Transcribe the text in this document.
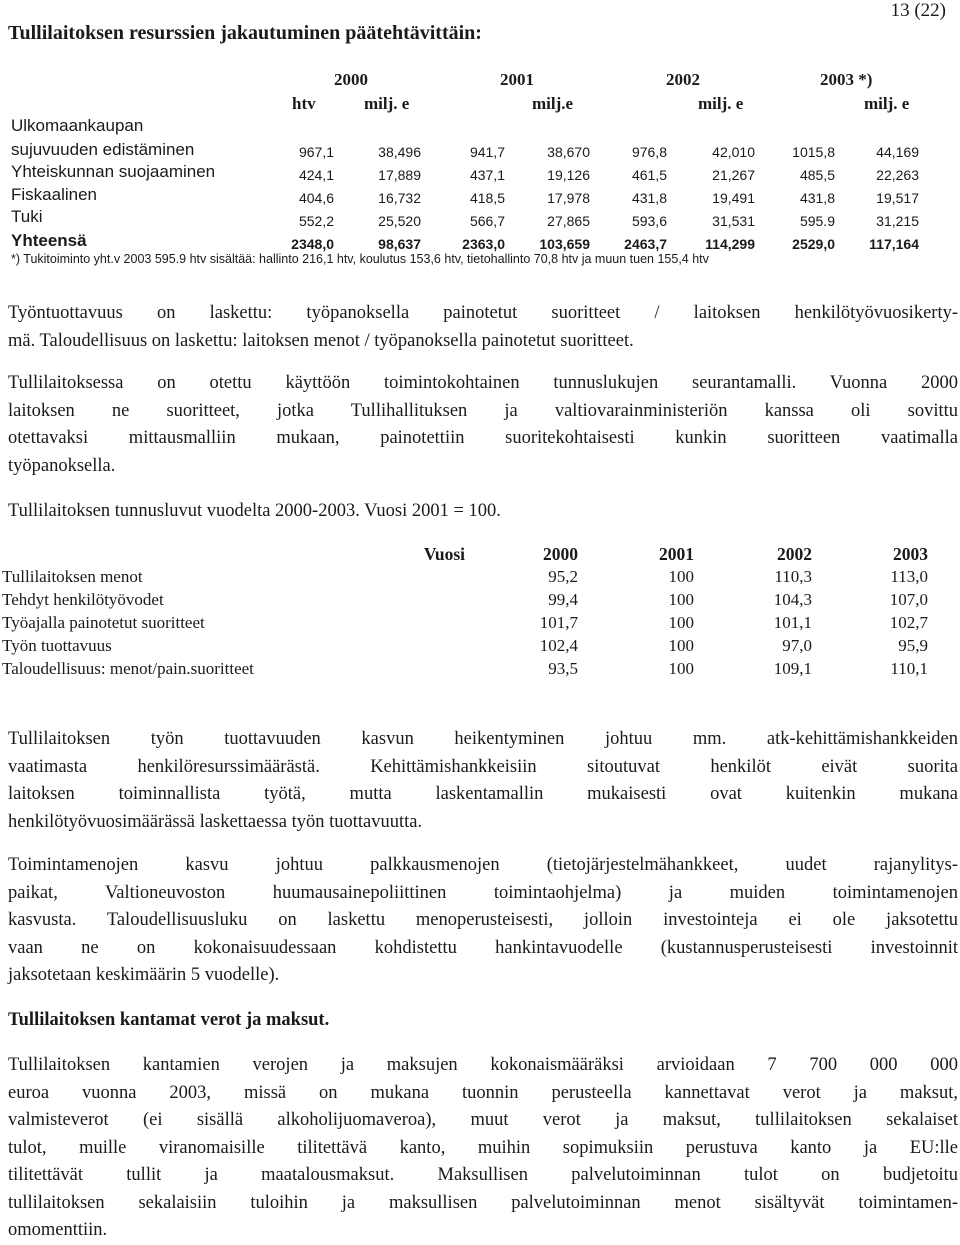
13 (22)
Tullilaitoksen resurssien jakautuminen päätehtävittäin:
2000	2001	2002	2003 *)
htv	milj. e	milj.e	milj. e	milj. e
Ulkomaankaupan
sujuvuuden edistäminen	967,1	38,496	941,7	38,670	976,8	42,010	1015,8	44,169
Yhteiskunnan suojaaminen	424,1	17,889	437,1	19,126	461,5	21,267	485,5	22,263
Fiskaalinen	404,6	16,732	418,5	17,978	431,8	19,491	431,8	19,517
Tuki	552,2	25,520	566,7	27,865	593,6	31,531	595.9	31,215
Yhteensä	2348,0	98,637	2363,0	103,659	2463,7	114,299	2529,0	117,164
*) Tukitoiminto yht.v 2003 595.9 htv sisältää: hallinto 216,1 htv, koulutus 153,6 htv, tietohallinto 70,8 htv ja muun tuen 155,4 htv
Työntuottavuus on laskettu: työpanoksella painotetut suoritteet / laitoksen henkilötyövuosikerty-
mä. Taloudellisuus on laskettu: laitoksen menot / työpanoksella painotetut suoritteet.
Tullilaitoksessa on otettu käyttöön toimintokohtainen tunnuslukujen seurantamalli. Vuonna 2000
laitoksen ne suoritteet, jotka Tullihallituksen ja valtiovarainministeriön kanssa oli sovittu
otettavaksi mittausmalliin mukaan, painotettiin suoritekohtaisesti kunkin suoritteen vaatimalla
työpanoksella.
Tullilaitoksen tunnusluvut vuodelta 2000-2003. Vuosi 2001 = 100.
Vuosi	2000	2001	2002	2003
Tullilaitoksen menot	95,2	100	110,3	113,0
Tehdyt henkilötyövodet	99,4	100	104,3	107,0
Työajalla painotetut suoritteet	101,7	100	101,1	102,7
Työn tuottavuus	102,4	100	97,0	95,9
Taloudellisuus: menot/pain.suoritteet	93,5	100	109,1	110,1
Tullilaitoksen työn tuottavuuden kasvun heikentyminen johtuu mm. atk-kehittämishankkeiden
vaatimasta henkilöresurssimäärästä. Kehittämishankkeisiin sitoutuvat henkilöt eivät suorita
laitoksen toiminnallista työtä, mutta laskentamallin mukaisesti ovat kuitenkin mukana
henkilötyövuosimäärässä laskettaessa työn tuottavuutta.
Toimintamenojen kasvu johtuu palkkausmenojen (tietojärjestelmähankkeet, uudet rajanylitys-
paikat, Valtioneuvoston huumausainepoliittinen toimintaohjelma) ja muiden toimintamenojen
kasvusta. Taloudellisuusluku on laskettu menoperusteisesti, jolloin investointeja ei ole jaksotettu
vaan ne on kokonaisuudessaan kohdistettu hankintavuodelle (kustannusperusteisesti investoinnit
jaksotetaan keskimäärin 5 vuodelle).
Tullilaitoksen kantamat verot ja maksut.
Tullilaitoksen kantamien verojen ja maksujen kokonaismääräksi arvioidaan 7 700 000 000
euroa vuonna 2003, missä on mukana tuonnin perusteella kannettavat verot ja maksut,
valmisteverot (ei sisällä alkoholijuomaveroa), muut verot ja maksut, tullilaitoksen sekalaiset
tulot, muille viranomaisille tilitettävä kanto, muihin sopimuksiin perustuva kanto ja EU:lle
tilitettävät tullit ja maatalousmaksut. Maksullisen palvelutoiminnan tulot on budjetoitu
tullilaitoksen sekalaisiin tuloihin ja maksullisen palvelutoiminnan menot sisältyvät toimintamen-
omomenttiin.
